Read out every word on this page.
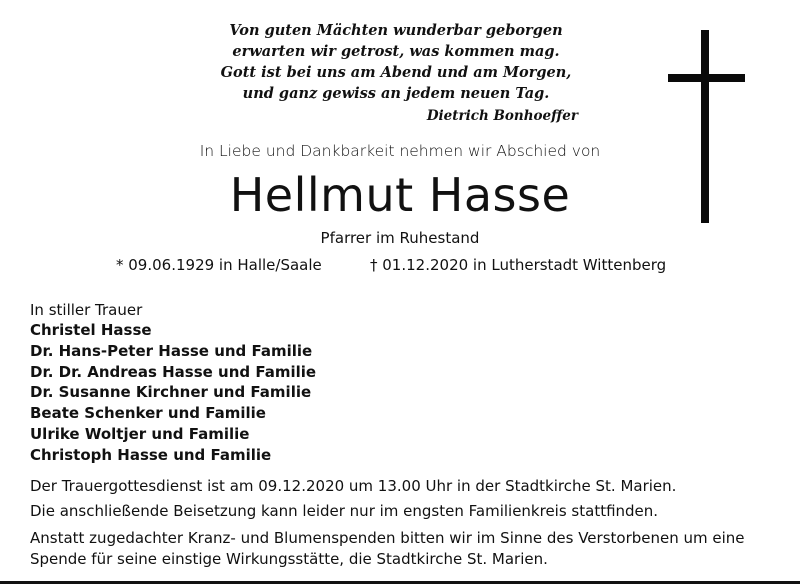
Von guten Mächten wunderbar geborgen
erwarten wir getrost, was kommen mag.
Gott ist bei uns am Abend und am Morgen,
und ganz gewiss an jedem neuen Tag.
Dietrich Bonhoeffer
In Liebe und Dankbarkeit nehmen wir Abschied von
Hellmut Hasse
Pfarrer im Ruhestand
* 09.06.1929 in Halle/Saale	† 01.12.2020 in Lutherstadt Wittenberg
In stiller Trauer
Christel Hasse
Dr. Hans-Peter Hasse und Familie
Dr. Dr. Andreas Hasse und Familie
Dr. Susanne Kirchner und Familie
Beate Schenker und Familie
Ulrike Woltjer und Familie
Christoph Hasse und Familie
Der Trauergottesdienst ist am 09.12.2020 um 13.00 Uhr in der Stadtkirche St. Marien.
Die anschließende Beisetzung kann leider nur im engsten Familienkreis stattfinden.
Anstatt zugedachter Kranz- und Blumenspenden bitten wir im Sinne des Verstorbenen um eine Spende für seine einstige Wirkungsstätte, die Stadtkirche St. Marien.
